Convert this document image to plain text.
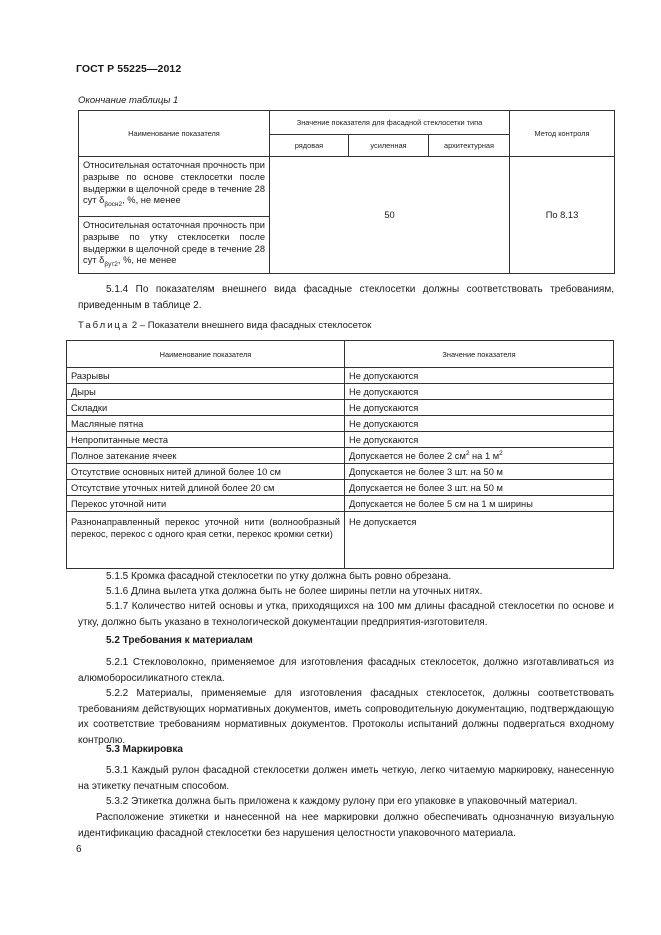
ГОСТ Р 55225—2012
Окончание таблицы 1
Наименование показателя	Значение показателя для фасадной стеклосетки типа			Метод контроля
	рядовая	усиленная	архитектурная	
Относительная остаточная прочность при разрыве по основе стеклосетки после выдержки в щелочной среде в течение 28 сут $\delta_{\beta осн2}$, %, не менее	50			По 8.13
Относительная остаточная прочность при разрыве по утку стеклосетки после выдержки в щелочной среде в течение 28 сут $\delta_{\beta ут2}$, %, не менее				
5.1.4 По показателям внешнего вида фасадные стеклосетки должны соответствовать требованиям, приведенным в таблице 2.
Таблица 2 – Показатели внешнего вида фасадных стеклосеток
Наименование показателя	Значение показателя
Разрывы	Не допускаются
Дыры	Не допускаются
Складки	Не допускаются
Масляные пятна	Не допускаются
Непропитанные места	Не допускаются
Полное затекание ячеек	Допускается не более 2 $см^2$ на 1 $м^2$
Отсутствие основных нитей длиной более 10 см	Допускается не более 3 шт. на 50 м
Отсутствие уточных нитей длиной более 20 см	Допускается не более 3 шт. на 50 м
Перекос уточной нити	Допускается не более 5 см на 1 м ширины
Разнонаправленный перекос уточной нити (волнообразный перекос, перекос с одного края сетки, перекос кромки сетки)	Не допускается
5.1.5 Кромка фасадной стеклосетки по утку должна быть ровно обрезана.
5.1.6 Длина вылета утка должна быть не более ширины петли на уточных нитях.
5.1.7 Количество нитей основы и утка, приходящихся на 100 мм длины фасадной стеклосетки по основе и утку, должно быть указано в технологической документации предприятия-изготовителя.
5.2 Требования к материалам
5.2.1 Стекловолокно, применяемое для изготовления фасадных стеклосеток, должно изготавливаться из алюмоборосиликатного стекла.
5.2.2 Материалы, применяемые для изготовления фасадных стеклосеток, должны соответствовать требованиям действующих нормативных документов, иметь сопроводительную документацию, подтверждающую их соответствие требованиям нормативных документов. Протоколы испытаний должны подвергаться входному контролю.
5.3 Маркировка
5.3.1 Каждый рулон фасадной стеклосетки должен иметь четкую, легко читаемую маркировку, нанесенную на этикетку печатным способом.
5.3.2 Этикетка должна быть приложена к каждому рулону при его упаковке в упаковочный материал.
Расположение этикетки и нанесенной на нее маркировки должно обеспечивать однозначную визуальную идентификацию фасадной стеклосетки без нарушения целостности упаковочного материала.
6
